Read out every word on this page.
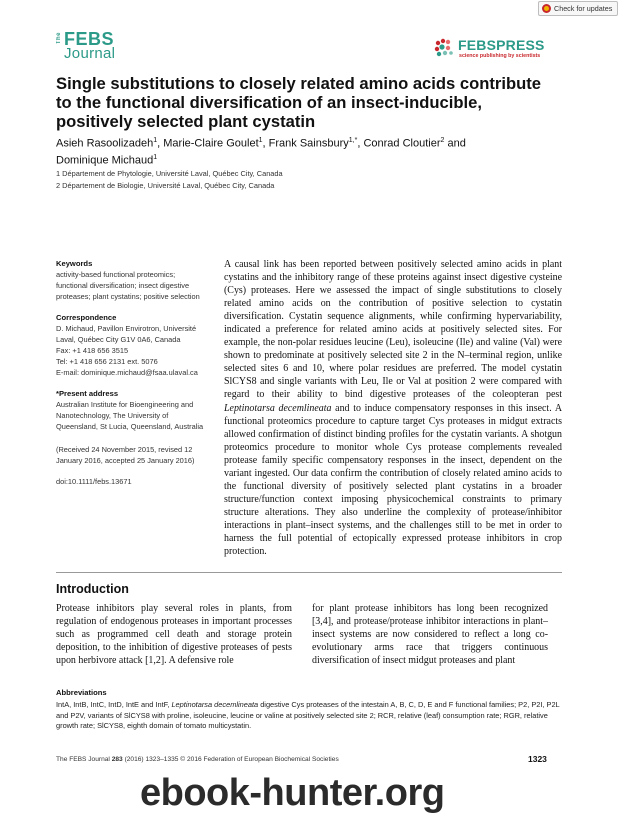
Check for updates
The FEBS
Journal	FEBSPRESS
science publishing by scientists
Single substitutions to closely related amino acids contribute to the functional diversification of an insect-inducible, positively selected plant cystatin
Asieh Rasoolizadeh$^1$, Marie-Claire Goulet$^1$, Frank Sainsbury$^{1,*}$, Conrad Cloutier$^2$ and
Dominique Michaud$^1$
1 Département de Phytologie, Université Laval, Québec City, Canada
2 Département de Biologie, Université Laval, Québec City, Canada
Keywords
activity-based functional proteomics;
functional diversification; insect digestive
proteases; plant cystatins; positive selection
Correspondence
D. Michaud, Pavillon Envirotron, Université
Laval, Québec City G1V 0A6, Canada
Fax: +1 418 656 3515
Tel: +1 418 656 2131 ext. 5076
E-mail: dominique.michaud@fsaa.ulaval.ca
*Present address
Australian Institute for Bioengineering and
Nanotechnology, The University of
Queensland, St Lucia, Queensland, Australia
(Received 24 November 2015, revised 12
January 2016, accepted 25 January 2016)
doi:10.1111/febs.13671
A causal link has been reported between positively selected amino acids in plant cystatins and the inhibitory range of these proteins against insect digestive cysteine (Cys) proteases. Here we assessed the impact of single substitutions to closely related amino acids on the contribution of positive selection to cystatin diversification. Cystatin sequence alignments, while confirming hypervariability, indicated a preference for related amino acids at positively selected sites. For example, the non-polar residues leucine (Leu), isoleucine (Ile) and valine (Val) were shown to predominate at positively selected site 2 in the N–terminal region, unlike selected sites 6 and 10, where polar residues are preferred. The model cystatin SlCYS8 and single variants with Leu, Ile or Val at position 2 were compared with regard to their ability to bind digestive proteases of the coleopteran pest Leptinotarsa decemlineata and to induce compensatory responses in this insect. A functional proteomics procedure to capture target Cys proteases in midgut extracts allowed confirmation of distinct binding profiles for the cystatin variants. A shotgun proteomics procedure to monitor whole Cys protease complements revealed protease family specific compensatory responses in the insect, dependent on the variant ingested. Our data confirm the contribution of closely related amino acids to the functional diversity of positively selected plant cystatins in a broader structure/function context imposing physicochemical constraints to primary structure alterations. They also underline the complexity of protease/inhibitor interactions in plant–insect systems, and the challenges still to be met in order to harness the full potential of ectopically expressed protease inhibitors in crop protection.
Introduction
Protease inhibitors play several roles in plants, from regulation of endogenous proteases in important processes such as programmed cell death and storage protein deposition, to the inhibition of digestive proteases of pests upon herbivore attack [1,2]. A defensive role
for plant protease inhibitors has long been recognized [3,4], and protease/protease inhibitor interactions in plant–insect systems are now considered to reflect a long co-evolutionary arms race that triggers continuous diversification of insect midgut proteases and plant
Abbreviations
IntA, IntB, IntC, IntD, IntE and IntF, Leptinotarsa decemlineata digestive Cys proteases of the intestain A, B, C, D, E and F functional families; P2, P2I, P2L and P2V, variants of SlCYS8 with proline, isoleucine, leucine or valine at positively selected site 2; RCR, relative (leaf) consumption rate; RGR, relative growth rate; SlCYS8, eighth domain of tomato multicystatin.
The FEBS Journal 283 (2016) 1323–1335 © 2016 Federation of European Biochemical Societies	1323
ebook-hunter.org
